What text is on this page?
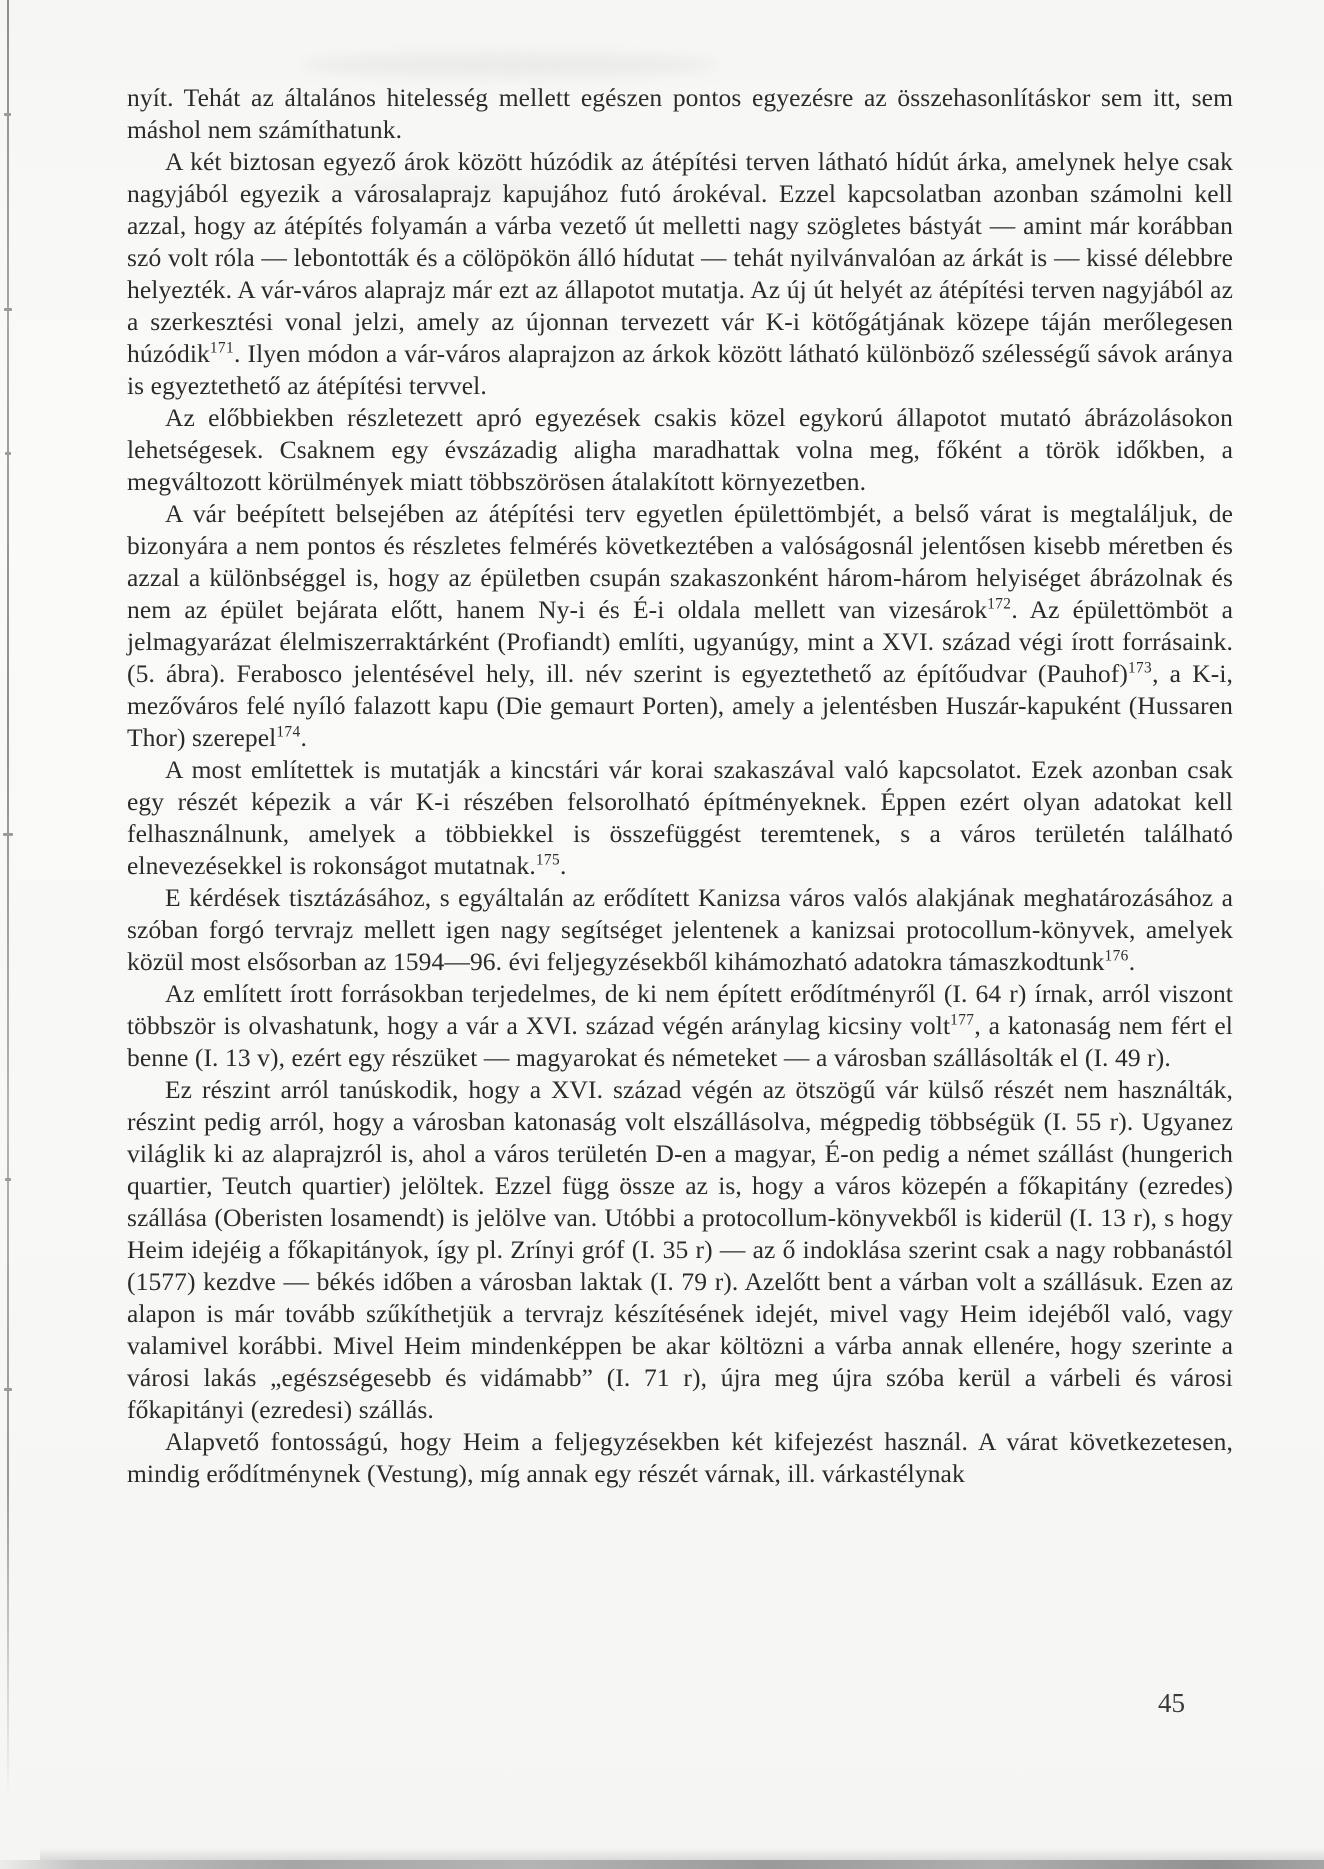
nyít. Tehát az általános hitelesség mellett egészen pontos egyezésre az összehasonlításkor sem itt, sem máshol nem számíthatunk.

A két biztosan egyező árok között húzódik az átépítési terven látható hídút árka, amelynek helye csak nagyjából egyezik a városalaprajz kapujához futó árokéval. Ezzel kapcsolatban azonban számolni kell azzal, hogy az átépítés folyamán a várba vezető út melletti nagy szögletes bástyát — amint már korábban szó volt róla — lebontották és a cölöpökön álló hídutat — tehát nyilvánvalóan az árkát is — kissé délebbre helyezték. A vár-város alaprajz már ezt az állapotot mutatja. Az új út helyét az átépítési terven nagyjából az a szerkesztési vonal jelzi, amely az újonnan tervezett vár K-i kötőgátjának közepe táján merőlegesen húzódik$^{171}$. Ilyen módon a vár-város alaprajzon az árkok között látható különböző szélességű sávok aránya is egyeztethető az átépítési tervvel.

Az előbbiekben részletezett apró egyezések csakis közel egykorú állapotot mutató ábrázolásokon lehetségesek. Csaknem egy évszázadig aligha maradhattak volna meg, főként a török időkben, a megváltozott körülmények miatt többszörösen átalakított környezetben.

A vár beépített belsejében az átépítési terv egyetlen épülettömbjét, a belső várat is megtaláljuk, de bizonyára a nem pontos és részletes felmérés következtében a valóságosnál jelentősen kisebb méretben és azzal a különbséggel is, hogy az épületben csupán szakaszonként három-három helyiséget ábrázolnak és nem az épület bejárata előtt, hanem Ny-i és É-i oldala mellett van vizesárok$^{172}$. Az épülettömböt a jelmagyarázat élelmiszerraktárként (Profiandt) említi, ugyanúgy, mint a XVI. század végi írott forrásaink. (5. ábra). Ferabosco jelentésével hely, ill. név szerint is egyeztethető az építőudvar (Pauhof)$^{173}$, a K-i, mezőváros felé nyíló falazott kapu (Die gemaurt Porten), amely a jelentésben Huszár-kapuként (Hussaren Thor) szerepel$^{174}$.

A most említettek is mutatják a kincstári vár korai szakaszával való kapcsolatot. Ezek azonban csak egy részét képezik a vár K-i részében felsorolható építményeknek. Éppen ezért olyan adatokat kell felhasználnunk, amelyek a többiekkel is összefüggést teremtenek, s a város területén található elnevezésekkel is rokonságot mutatnak.$^{175}$.

E kérdések tisztázásához, s egyáltalán az erődített Kanizsa város valós alakjának meghatározásához a szóban forgó tervrajz mellett igen nagy segítséget jelentenek a kanizsai protocollum-könyvek, amelyek közül most elsősorban az 1594—96. évi feljegyzésekből kihámozható adatokra támaszkodtunk$^{176}$.

Az említett írott forrásokban terjedelmes, de ki nem épített erődítményről (I. 64 r) írnak, arról viszont többször is olvashatunk, hogy a vár a XVI. század végén aránylag kicsiny volt$^{177}$, a katonaság nem fért el benne (I. 13 v), ezért egy részüket — magyarokat és németeket — a városban szállásolták el (I. 49 r).

Ez részint arról tanúskodik, hogy a XVI. század végén az ötszögű vár külső részét nem használták, részint pedig arról, hogy a városban katonaság volt elszállásolva, mégpedig többségük (I. 55 r). Ugyanez világlik ki az alaprajzról is, ahol a város területén D-en a magyar, É-on pedig a német szállást (hungerich quartier, Teutch quartier) jelöltek. Ezzel függ össze az is, hogy a város közepén a főkapitány (ezredes) szállása (Oberisten losamendt) is jelölve van. Utóbbi a protocollum-könyvekből is kiderül (I. 13 r), s hogy Heim idejéig a főkapitányok, így pl. Zrínyi gróf (I. 35 r) — az ő indoklása szerint csak a nagy robbanástól (1577) kezdve — békés időben a városban laktak (I. 79 r). Azelőtt bent a várban volt a szállásuk. Ezen az alapon is már tovább szűkíthetjük a tervrajz készítésének idejét, mivel vagy Heim idejéből való, vagy valamivel korábbi. Mivel Heim mindenképpen be akar költözni a várba annak ellenére, hogy szerinte a városi lakás „egészségesebb és vidámabb” (I. 71 r), újra meg újra szóba kerül a várbeli és városi főkapitányi (ezredesi) szállás.

Alapvető fontosságú, hogy Heim a feljegyzésekben két kifejezést használ. A várat következetesen, mindig erődítménynek (Vestung), míg annak egy részét várnak, ill. várkastélynak

45
